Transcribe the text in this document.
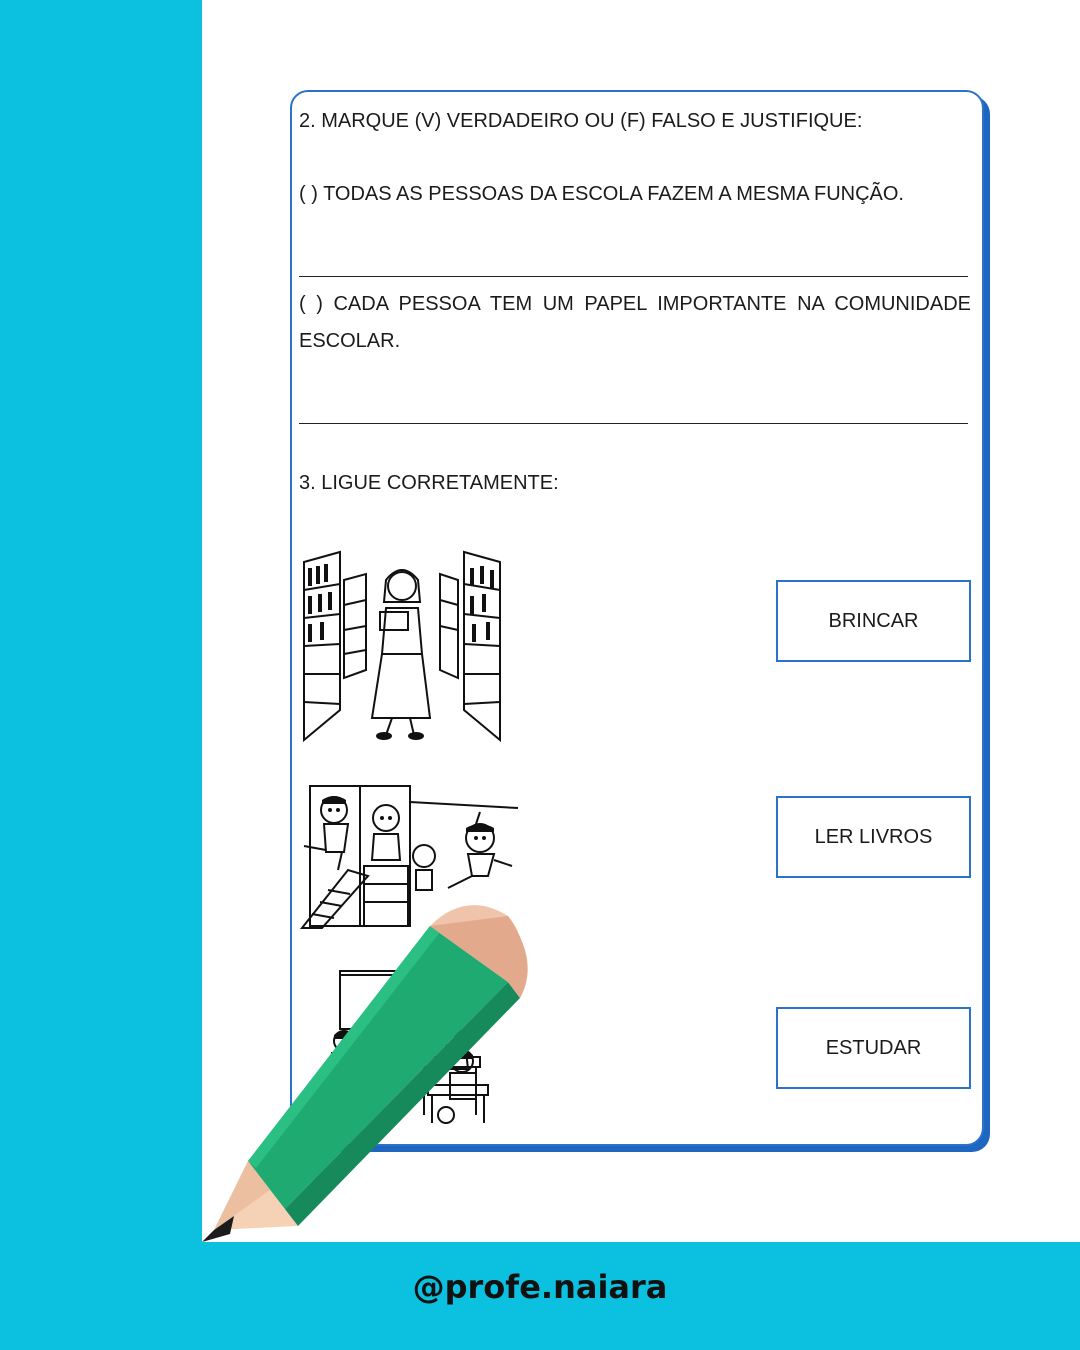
2. MARQUE (V) VERDADEIRO OU (F) FALSO E JUSTIFIQUE:
( ) TODAS AS PESSOAS DA ESCOLA FAZEM A MESMA FUNÇÃO.
( ) CADA PESSOA TEM UM PAPEL IMPORTANTE NA COMUNIDADE ESCOLAR.
3. LIGUE CORRETAMENTE:
BRINCAR
LER LIVROS
ESTUDAR
@profe.naiara
